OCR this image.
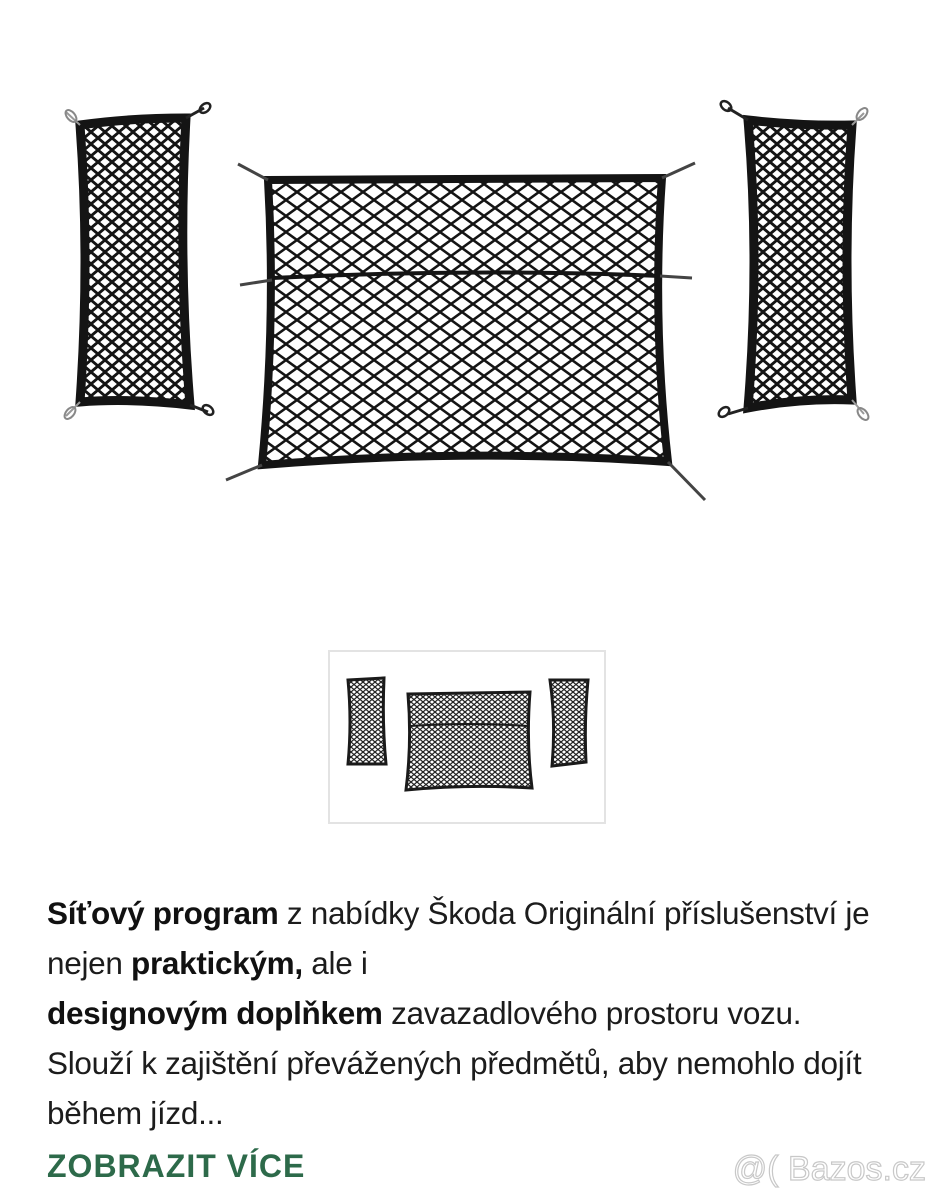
Síťový program z nabídky Škoda Originální příslušenství je nejen praktickým, ale i
designovým doplňkem zavazadlového prostoru vozu. Slouží k zajištění převážených předmětů, aby nemohlo dojít během jízd...
ZOBRAZIT VÍCE	@( Bazos.cz
